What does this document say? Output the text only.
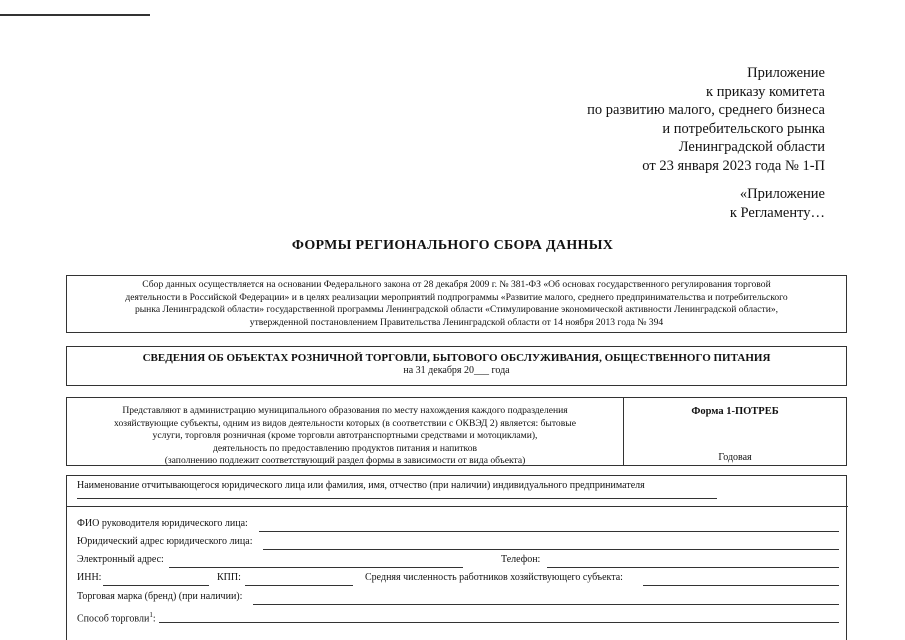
Приложение
к приказу комитета
по развитию малого, среднего бизнеса
и потребительского рынка
Ленинградской области
от 23 января 2023 года № 1-П
«Приложение
к Регламенту…
ФОРМЫ РЕГИОНАЛЬНОГО СБОРА ДАННЫХ
Сбор данных осуществляется на основании Федерального закона от 28 декабря 2009 г. № 381-ФЗ «Об основах государственного регулирования торговой
деятельности в Российской Федерации» и в целях реализации мероприятий подпрограммы «Развитие малого, среднего предпринимательства и потребительского
рынка Ленинградской области» государственной программы Ленинградской области «Стимулирование экономической активности Ленинградской области»,
утвержденной постановлением Правительства Ленинградской области от 14 ноября 2013 года № 394
СВЕДЕНИЯ ОБ ОБЪЕКТАХ РОЗНИЧНОЙ ТОРГОВЛИ, БЫТОВОГО ОБСЛУЖИВАНИЯ, ОБЩЕСТВЕННОГО ПИТАНИЯ
на 31 декабря 20___ года
Представляют в администрацию муниципального образования по месту нахождения каждого подразделения
хозяйствующие субъекты, одним из видов деятельности которых (в соответствии с ОКВЭД 2) является: бытовые
услуги, торговля розничная (кроме торговли автотранспортными средствами и мотоциклами),
деятельность по предоставлению продуктов питания и напитков
(заполнению подлежит соответствующий раздел формы в зависимости от вида объекта)
Форма 1-ПОТРЕБ
Годовая
Наименование отчитывающегося юридического лица или фамилия, имя, отчество (при наличии) индивидуального предпринимателя
ФИО руководителя юридического лица:
Юридический адрес юридического лица:
Электронный адрес:	Телефон:
ИНН:	КПП:	Средняя численность работников хозяйствующего субъекта:
Торговая марка (бренд) (при наличии):
Способ торговли$^1$:
